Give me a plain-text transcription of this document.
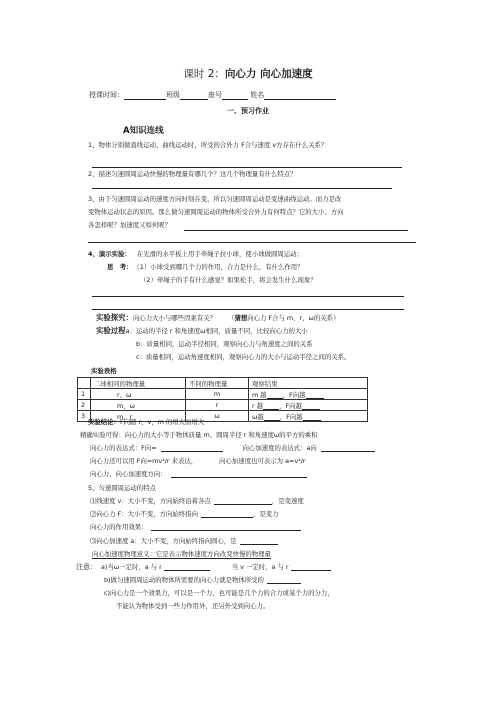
课时 2：向心力 向心加速度
授课时间：	班级	座号	姓名
一、预习作业
A知识连线
1、物体分别做直线运动、曲线运动时，所受的合外力 F合与速度 v方存在什么关系？
2、描述匀速圆周运动快慢的物理量有哪几个？这几个物理量有什么特点？
3、由于匀速圆周运动的速度方向时刻在变，所以匀速圆周运动是变速曲线运动。而力是改
变物体运动状态的原因。那么做匀速圆周运动的物体所受合外力有何特点？它的大小、方向
各怎样呢？加速度又如何呢？
4、演示实验： 在光滑的水平板上用手牵绳子拉小球，使小球做圆周运动；
思　考： （1）小球受到哪几个力的作用，合力是什么，有什么作用？
（2）牵绳子的手有什么感觉？如果松手，将会发生什么现象？
实验探究：向心力大小与哪些因素有关？ （猜想向心力 F合与 m、r、ω的关系）
实验过程a：运动的半径 r 和角速度ω相同，质量不同，比较向心力的大小
b：质量相同，运动半径相同，观察向心力与角速度之间的关系
c：质量相同，运动角速度相同，观察向心力的大小与运动半径之间的关系。
实验表格
	二球相同的物理量	不同的物理量	观察结果
1	r、ω	m	m 越 ，F向越
2	m、ω	r	r 越 ，F向越
3	m、r	ω	ω越 ，F向越
实验结论：F向随 r、v、m 的增大而增大
精确实验可得：向心力的大小等于物体质量 m、圆周半径 r 和角速度ω的平方的乘积
向心力的表达式：F向=	向心加速度的表达式：a向
向心力还可以用 F向=mv²/r 来表达，	向心加速度也可表示为 a=v²/r
向心力、向心加速度方向：
5、匀速圆周运动的特点
⑴线速度 v：大小不变，方向始终沿着各点	，是变速度
⑵向心力 F：大小不变，方向始终指向	，是变力
向心力的作用效果：
⑶向心加速度 a：大小不变，方向始终指向圆心，是
向心加速度物理意义：它是表示物体速度方向改变快慢的物理量
注意： a)当ω一定时，a 与 r	当 v 一定时，a 与 r
b)做匀速圆周运动的物体所需要的向心力就是物体所受的
c)向心力是一个效果力，可以是一个力，也可能是几个力的合力或某个力的分力，
不能认为物体受到一些力作用外，还另外受到向心力。
